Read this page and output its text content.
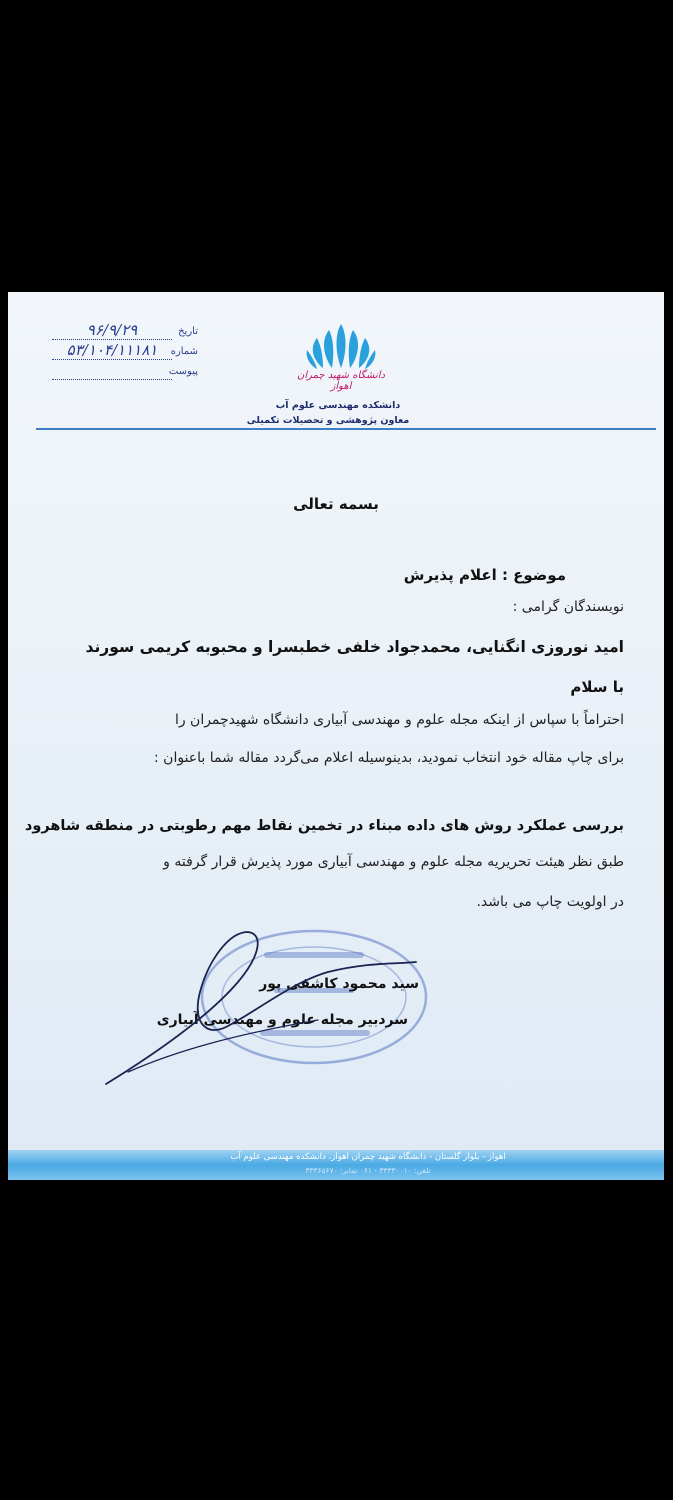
تاریخ
۹۶/۹/۲۹
شماره
۵۳/۱۰۴/۱۱۱۸۱
پیوست
	دانشگاه شهید چمران اهواز
دانشکده مهندسی علوم آب
معاون پژوهشی و تحصیلات تکمیلی
بسمه تعالی
موضوع : اعلام پذیرش
نویسندگان گرامی :
امید نوروزی انگنایی، محمدجواد خلفی خطبسرا و محبوبه کریمی سورند
با سلام
احتراماً با سپاس از اینکه مجله علوم و مهندسی آبیاری دانشگاه شهیدچمران را
برای چاپ مقاله خود انتخاب نمودید، بدینوسیله اعلام می‌گردد مقاله شما باعنوان :
بررسی عملکرد روش های داده مبناء در تخمین نقاط مهم رطوبتی در منطقه شاهرود
طبق نظر هیئت تحریریه مجله علوم و مهندسی آبیاری مورد پذیرش قرار گرفته و
در اولویت چاپ می باشد.
سید محمود کاشفی پور
سردبیر مجله علوم و مهندسی آبیاری
اهواز - بلوار گلستان - دانشگاه شهید چمران اهواز، دانشکده مهندسی علوم آب
تلفن: ۳۳۳۳۰۰۱۰ - ۰۶۱ نمابر: ۳۳۳۶۵۶۷۰
